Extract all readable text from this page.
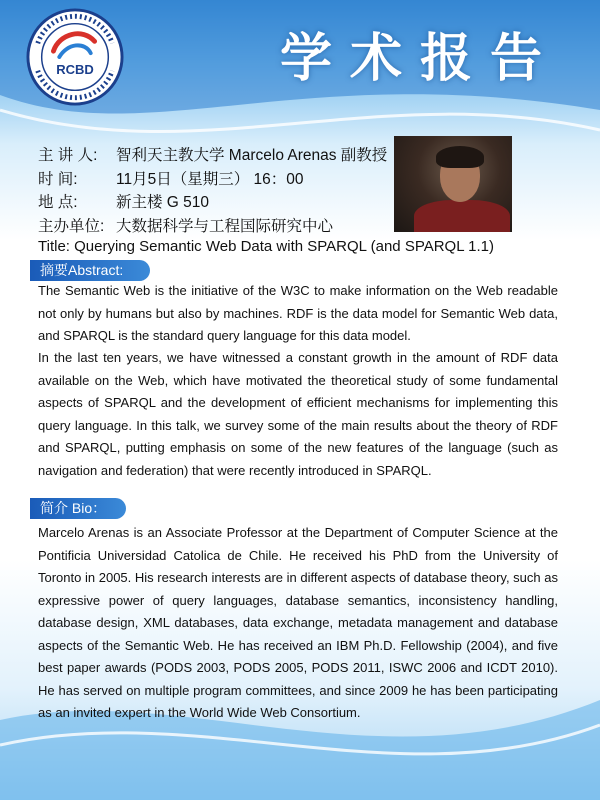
RCBD	学术报告
主 讲 人: 智利天主教大学 Marcelo Arenas 副教授
时 间: 11月5日（星期三） 16：00
地 点: 新主楼 G 510
主办单位: 大数据科学与工程国际研究中心
Title: Querying Semantic Web Data with SPARQL (and SPARQL 1.1)
摘要Abstract:
The Semantic Web is the initiative of the W3C to make information on the Web readable not only by humans but also by machines. RDF is the data model for Semantic Web data, and SPARQL is the standard query language for this data model.
In the last ten years, we have witnessed a constant growth in the amount of RDF data available on the Web, which have motivated the theoretical study of some fundamental aspects of SPARQL and the development of efficient mechanisms for implementing this query language. In this talk, we survey some of the main results about the theory of RDF and SPARQL, putting emphasis on some of the new features of the language (such as navigation and federation) that were recently introduced in SPARQL.
简介 Bio：
Marcelo Arenas is an Associate Professor at the Department of Computer Science at the Pontificia Universidad Catolica de Chile. He received his PhD from the University of Toronto in 2005. His research interests are in different aspects of database theory, such as expressive power of query languages, database semantics, inconsistency handling, database design, XML databases, data exchange, metadata management and database aspects of the Semantic Web. He has received an IBM Ph.D. Fellowship (2004), and five best paper awards (PODS 2003, PODS 2005, PODS 2011, ISWC 2006 and ICDT 2010). He has served on multiple program committees, and since 2009 he has been participating as an invited expert in the World Wide Web Consortium.
